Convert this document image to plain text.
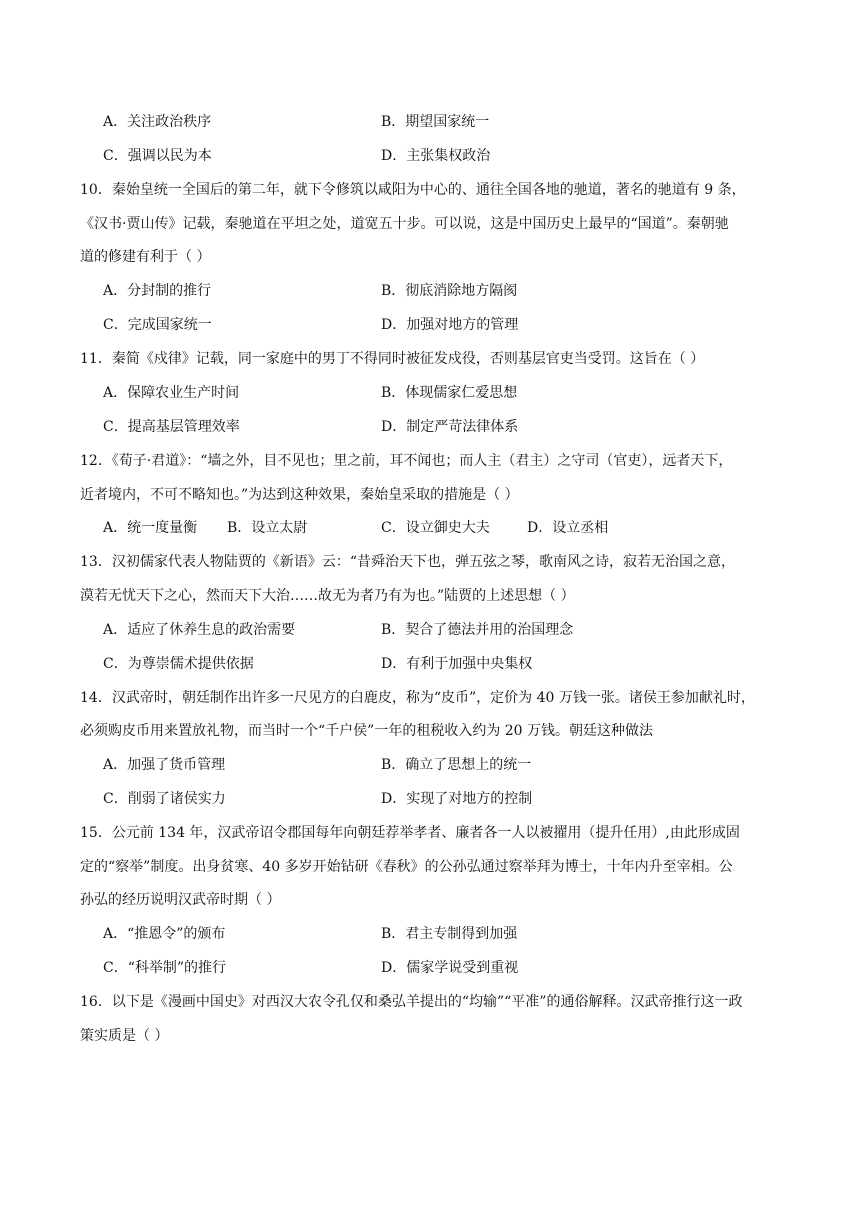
A．关注政治秩序	B．期望国家统一
C．强调以民为本	D．主张集权政治
10．秦始皇统一全国后的第二年，就下令修筑以咸阳为中心的、通往全国各地的驰道，著名的驰道有 9 条，
《汉书·贾山传》记载，秦驰道在平坦之处，道宽五十步。可以说，这是中国历史上最早的“国道”。秦朝驰
道的修建有利于（ ）
A．分封制的推行	B．彻底消除地方隔阂
C．完成国家统一	D．加强对地方的管理
11．秦简《戍律》记载，同一家庭中的男丁不得同时被征发戍役，否则基层官吏当受罚。这旨在（ ）
A．保障农业生产时间	B．体现儒家仁爱思想
C．提高基层管理效率	D．制定严苛法律体系
12．《荀子·君道》：“墙之外，目不见也；里之前，耳不闻也；而人主（君主）之守司（官吏），远者天下，
近者境内，不可不略知也。”为达到这种效果，秦始皇采取的措施是（ ）
A．统一度量衡 B．设立太尉	C．设立御史大夫	D．设立丞相
13．汉初儒家代表人物陆贾的《新语》云：“昔舜治天下也，弹五弦之琴，歌南风之诗，寂若无治国之意，
漠若无忧天下之心，然而天下大治……故无为者乃有为也。”陆贾的上述思想（ ）
A．适应了休养生息的政治需要	B．契合了德法并用的治国理念
C．为尊崇儒术提供依据	D．有利于加强中央集权
14．汉武帝时，朝廷制作出许多一尺见方的白鹿皮，称为“皮币”，定价为 40 万钱一张。诸侯王参加献礼时，
必须购皮币用来置放礼物，而当时一个“千户侯”一年的租税收入约为 20 万钱。朝廷这种做法
A．加强了货币管理	B．确立了思想上的统一
C．削弱了诸侯实力	D．实现了对地方的控制
15．公元前 134 年，汉武帝诏令郡国每年向朝廷荐举孝者、廉者各一人以被擢用（提升任用）,由此形成固
定的“察举”制度。出身贫寒、40 多岁开始钻研《春秋》的公孙弘通过察举拜为博士，十年内升至宰相。公
孙弘的经历说明汉武帝时期（ ）
A．“推恩令”的颁布	B．君主专制得到加强
C．“科举制”的推行	D．儒家学说受到重视
16．以下是《漫画中国史》对西汉大农令孔仅和桑弘羊提出的“均输”“平准”的通俗解释。汉武帝推行这一政
策实质是（ ）
